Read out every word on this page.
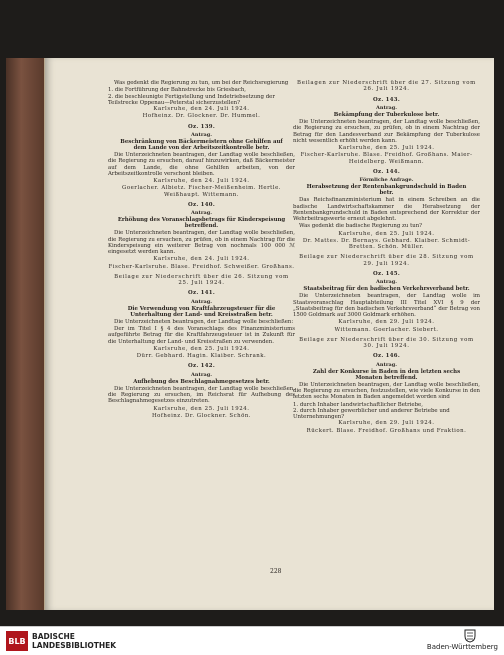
Was gedenkt die Regierung zu tun, um bei der Reichsregierung

1. die Fortführung der Bahnstrecke bis Griesbach,

2. die beschleunigte Fertigstellung und Indetriebsetzung der Teilstrecke Oppenau—Peterstal sicherzustellen?

Karlsruhe, den 24. Juli 1924.
Hofheinz. Dr. Glockner. Dr. Hummel.
Oz. 139.
Antrag.
Beschränkung von Bäckermeistern ohne Gehilfen auf dem Lande von der Arbeitszeitkontrolle betr.

Die Unterzeichneten beantragen, der Landtag wolle beschließen, die Regierung zu ersuchen, darauf hinzuwirken, daß Bäckermeister auf dem Lande, die ohne Gehilfen arbeiten, von der Arbeitszeitkontrolle verschont bleiben.

Karlsruhe, den 24. Juli 1924.
Goerlacher. Albietz. Fischer-Meißenheim. Hertle. Weißhaupt. Wittemann.
Oz. 140.
Antrag.
Erhöhung des Voranschlagsbetrags für Kinderspeisung betreffend.

Die Unterzeichneten beantragen, der Landtag wolle beschließen, die Regierung zu ersuchen, zu prüfen, ob in einem Nachtrag für die Kinderspeisung ein weiterer Betrag von nochmals 100 000 ℳ eingesetzt werden kann.

Karlsruhe, den 24. Juli 1924.
Fischer-Karlsruhe. Blase. Freidhof. Schweißer. Großhans.
Beilage zur Niederschrift über die 26. Sitzung vom 25. Juli 1924.
Oz. 141.
Antrag.
Die Verwendung von Kraftfahrzeugsteuer für die Unterhaltung der Land- und Kreisstraßen betr.

Die Unterzeichneten beantragen, der Landtag wolle beschließen:

Der im Titel I § 4 des Voranschlags des Finanzministeriums aufgeführte Betrag für die Kraftfahrzeugsteuer ist in Zukunft für die Unterhaltung der Land- und Kreisstraßen zu verwenden.

Karlsruhe, den 25. Juli 1924.
Dürr. Gebhard. Hagin. Klaiber. Schrank.
Oz. 142.
Antrag.
Aufhebung des Beschlagnahmegesetzes betr.

Die Unterzeichneten beantragen, der Landtag wolle beschließen, die Regierung zu ersuchen, im Reichsrat für Aufhebung des Beschlagnahmegesetzes einzutreten.

Karlsruhe, den 25. Juli 1924.
Hofheinz. Dr. Glockner. Schön.
Beilagen zur Niederschrift über die 27. Sitzung vom 26. Juli 1924.
Oz. 143.
Antrag.
Bekämpfung der Tuberkulose betr.

Die Unterzeichneten beantragen, der Landtag wolle beschließen, die Regierung zu ersuchen, zu prüfen, ob in einem Nachtrag der Betrag für den Landesverband zur Bekämpfung der Tuberkulose nicht wesentlich erhöht werden kann.

Karlsruhe, den 25. Juli 1924.
Fischer-Karlsruhe. Blase. Freidhof. Großhans. Maier-Heidelberg. Weißmann.
Oz. 144.
Förmliche Anfrage.
Herabsetzung der Rentenbankgrundschuld in Baden betr.

Das Reichsfinanzministerium hat in einem Schreiben an die badische Landwirtschaftskammer die Herabsetzung der Rentenbankgrundschuld in Baden entsprechend der Korrektur der Wehrbeitragswerte erneut abgelehnt.

Was gedenkt die badische Regierung zu tun?

Karlsruhe, den 25. Juli 1924.
Dr. Mattes. Dr. Bernays. Gebhard. Klaiber. Schmidt-Bretten. Schön. Müller.
Beilage zur Niederschrift über die 28. Sitzung vom 29. Juli 1924.
Oz. 145.
Antrag.
Staatsbeitrag für den badischen Verkehrsverband betr.

Die Unterzeichneten beantragen, der Landtag wolle im Staatsvoranschlag Hauptabteilung III Titel XVI § 9 der „Staatsbeitrag für den badischen Verkehrsverband“ der Betrag von 1500 Goldmark auf 3000 Goldmark erhöhen.

Karlsruhe, den 29. Juli 1924.
Wittemann. Goerlacher. Siebert.
Beilage zur Niederschrift über die 30. Sitzung vom 30. Juli 1924.
Oz. 146.
Antrag.
Zahl der Konkurse in Baden in den letzten sechs Monaten betreffend.

Die Unterzeichneten beantragen, der Landtag wolle beschließen, die Regierung zu ersuchen, festzustellen, wie viele Konkurse in den letzten sechs Monaten in Baden angemeldet worden sind

1. durch Inhaber landwirtschaftlicher Betriebe,

2. durch Inhaber gewerblicher und anderer Betriebe und Unternehmungen?

Karlsruhe, den 29. Juli 1924.
Rückert. Blase. Freidhof. Großhans und Fraktion.
228
BLB BADISCHE
LANDESBIBLIOTHEK	Baden-Württemberg
